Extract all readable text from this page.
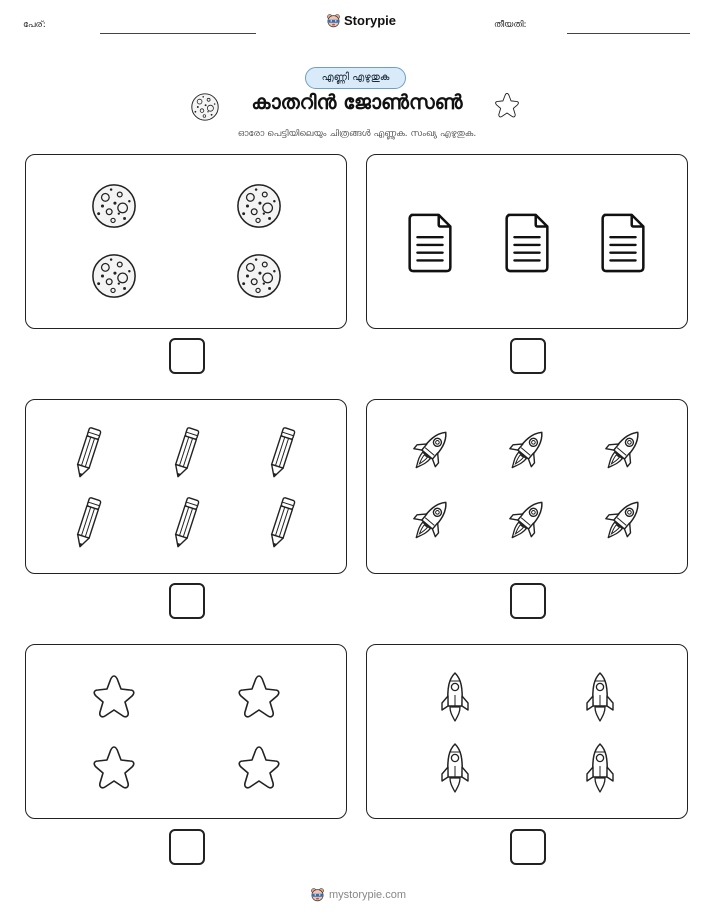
പേര്:	Storypie	തീയതി:
എണ്ണി എഴുതുക
കാതറിൻ ജോൺസൺ
ഓരോ പെട്ടിയിലെയും ചിത്രങ്ങൾ എണ്ണുക. സംഖ്യ എഴുതുക.
mystorypie.com
